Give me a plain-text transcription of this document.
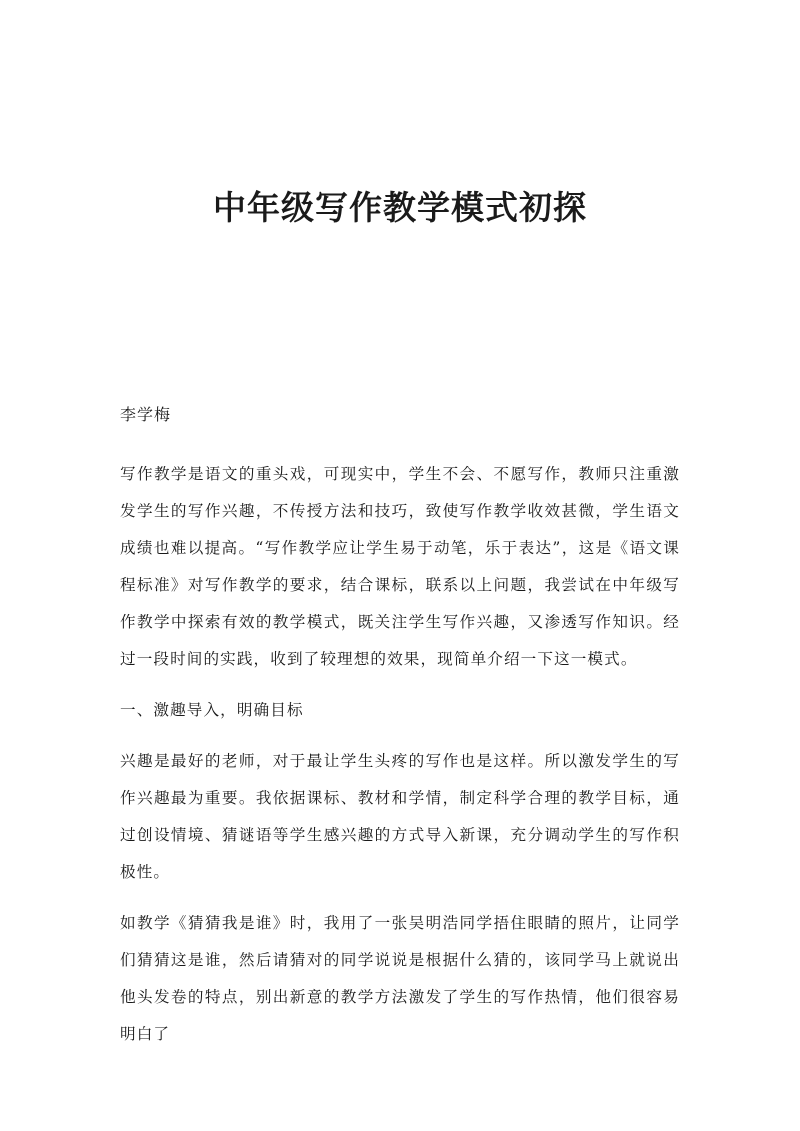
中年级写作教学模式初探

李学梅

写作教学是语文的重头戏，可现实中，学生不会、不愿写作，教师只注重激发学生的写作兴趣，不传授方法和技巧，致使写作教学收效甚微，学生语文成绩也难以提高。“写作教学应让学生易于动笔，乐于表达”，这是《语文课程标准》对写作教学的要求，结合课标，联系以上问题，我尝试在中年级写作教学中探索有效的教学模式，既关注学生写作兴趣，又渗透写作知识。经过一段时间的实践，收到了较理想的效果，现简单介绍一下这一模式。

一、激趣导入，明确目标

兴趣是最好的老师，对于最让学生头疼的写作也是这样。所以激发学生的写作兴趣最为重要。我依据课标、教材和学情，制定科学合理的教学目标，通过创设情境、猜谜语等学生感兴趣的方式导入新课，充分调动学生的写作积极性。

如教学《猜猜我是谁》时，我用了一张吴明浩同学捂住眼睛的照片，让同学们猜猜这是谁，然后请猜对的同学说说是根据什么猜的，该同学马上就说出他头发卷的特点，别出新意的教学方法激发了学生的写作热情，他们很容易明白了
